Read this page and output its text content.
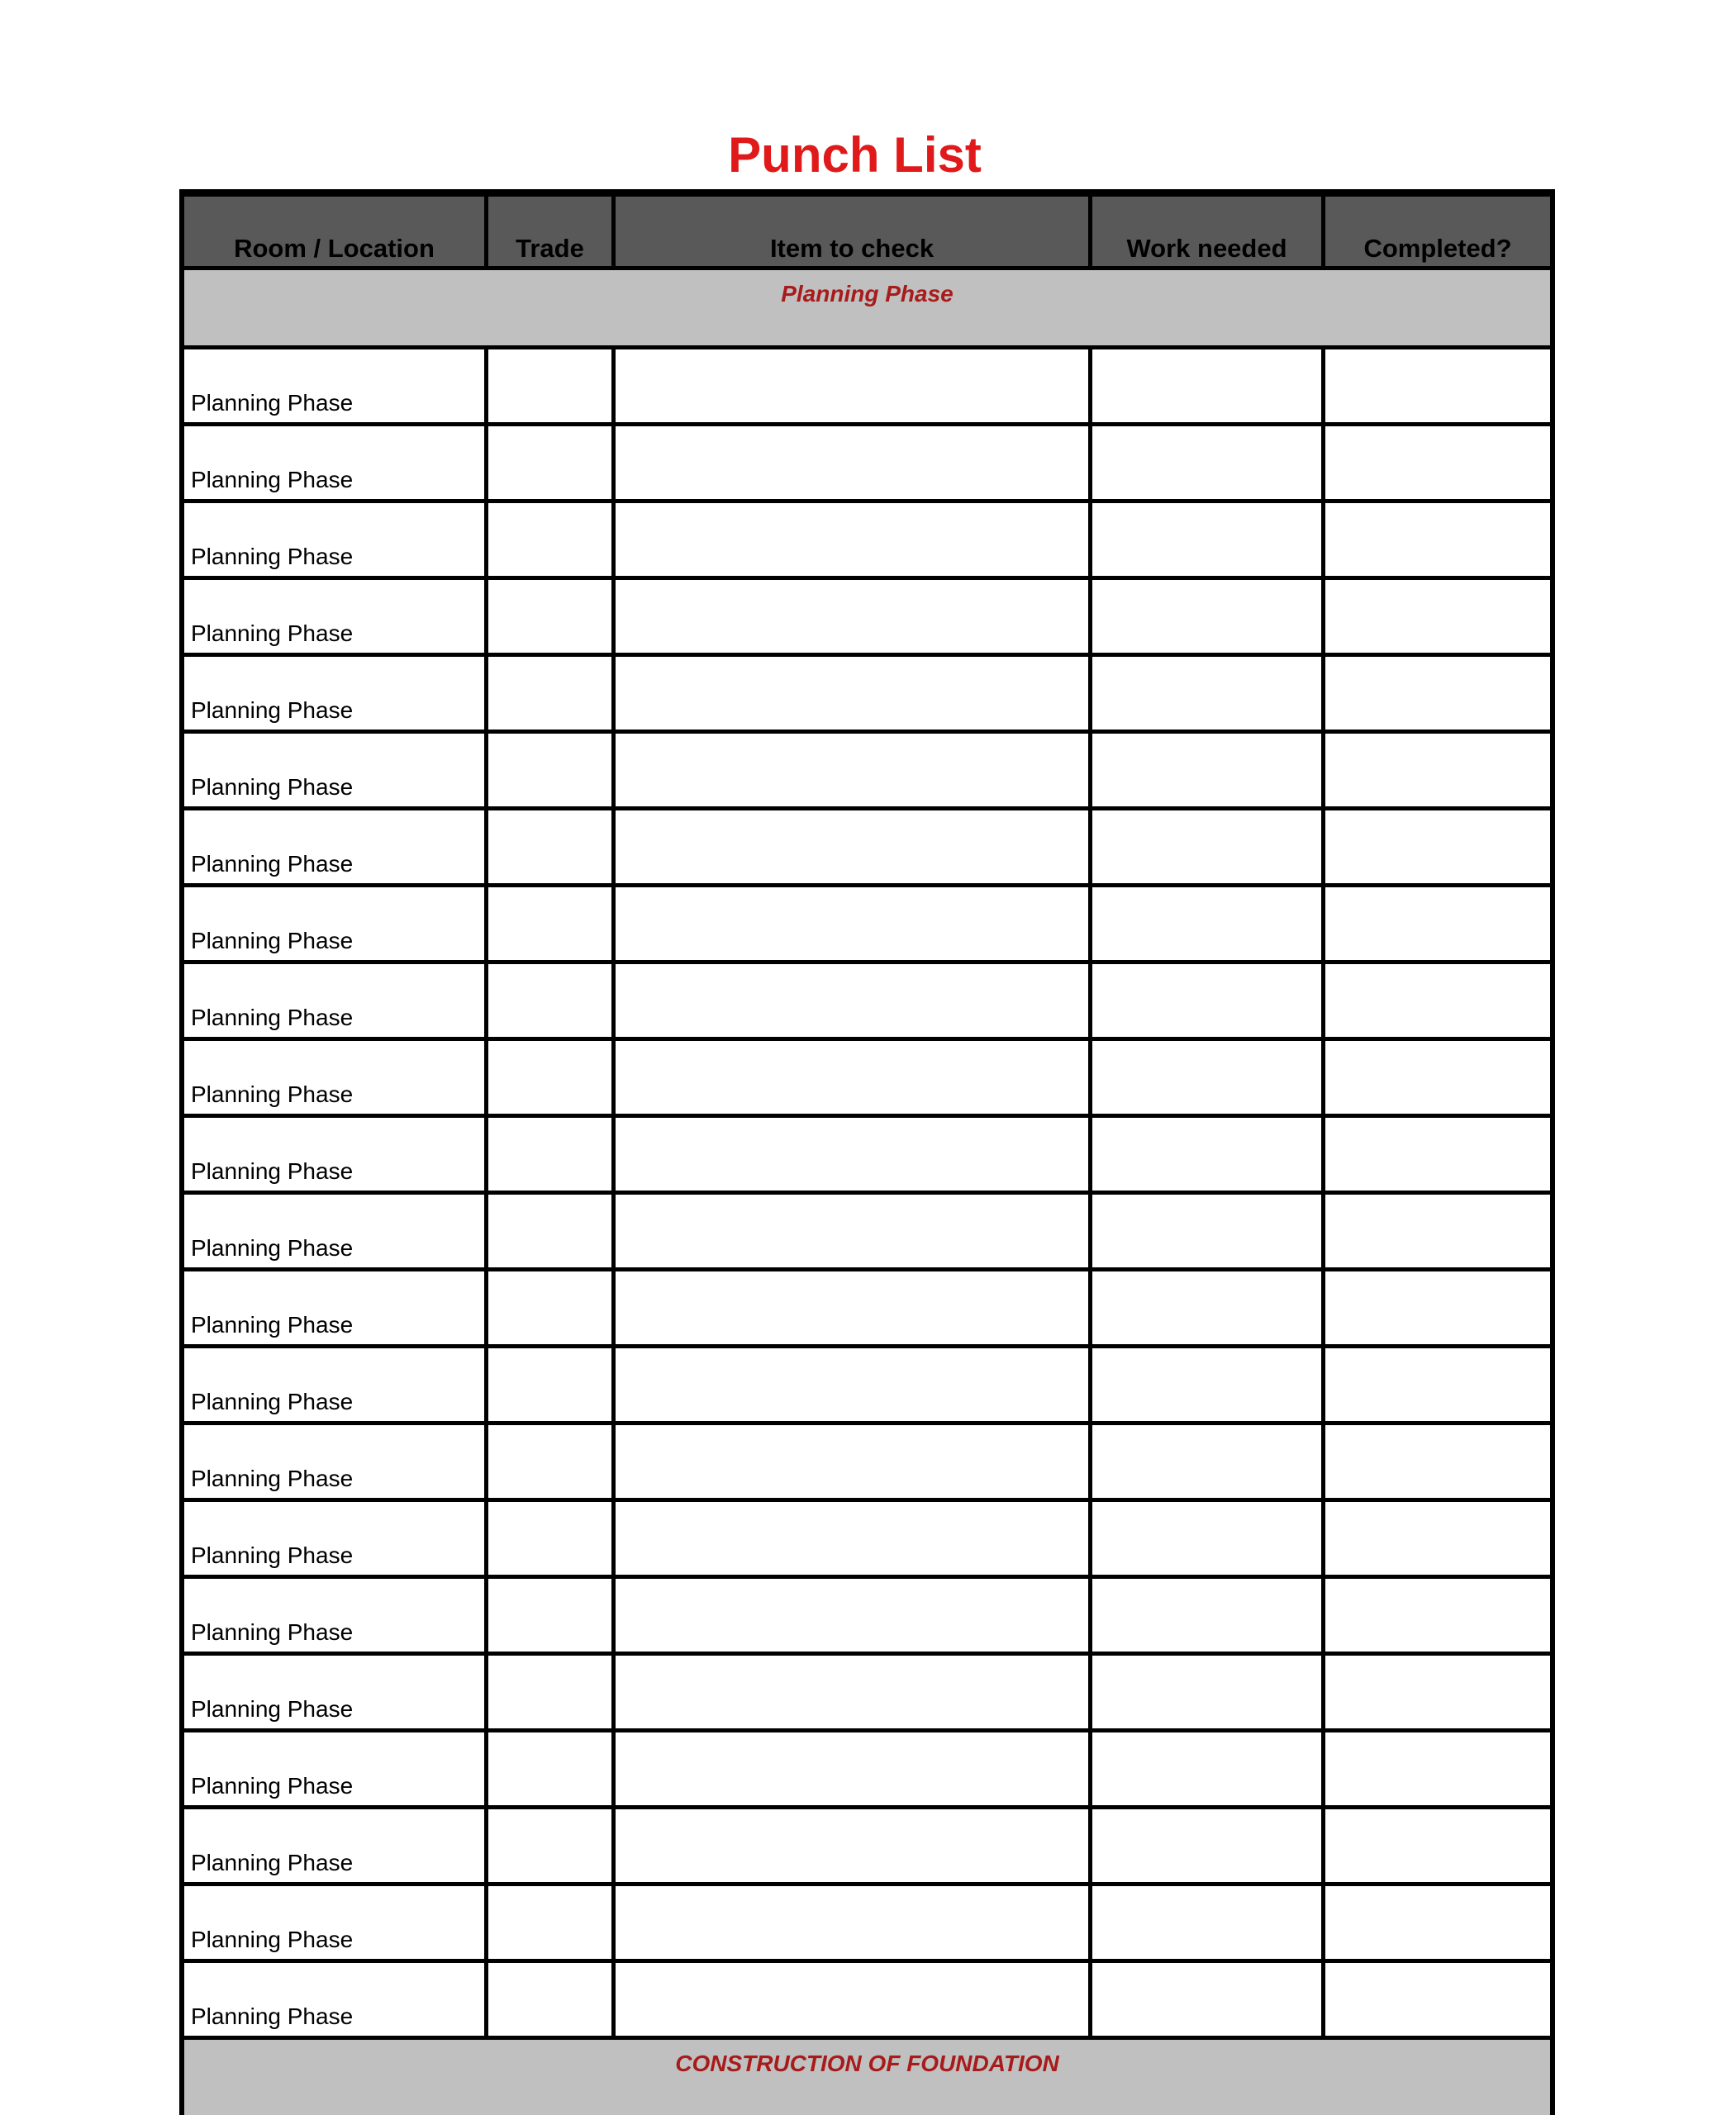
Punch List
Room / Location	Trade	Item to check	Work needed	Completed?
Planning Phase
Planning Phase
Planning Phase
Planning Phase
Planning Phase
Planning Phase
Planning Phase
Planning Phase
Planning Phase
Planning Phase
Planning Phase
Planning Phase
Planning Phase
Planning Phase
Planning Phase
Planning Phase
Planning Phase
Planning Phase
Planning Phase
Planning Phase
Planning Phase
Planning Phase
Planning Phase
CONSTRUCTION OF FOUNDATION
